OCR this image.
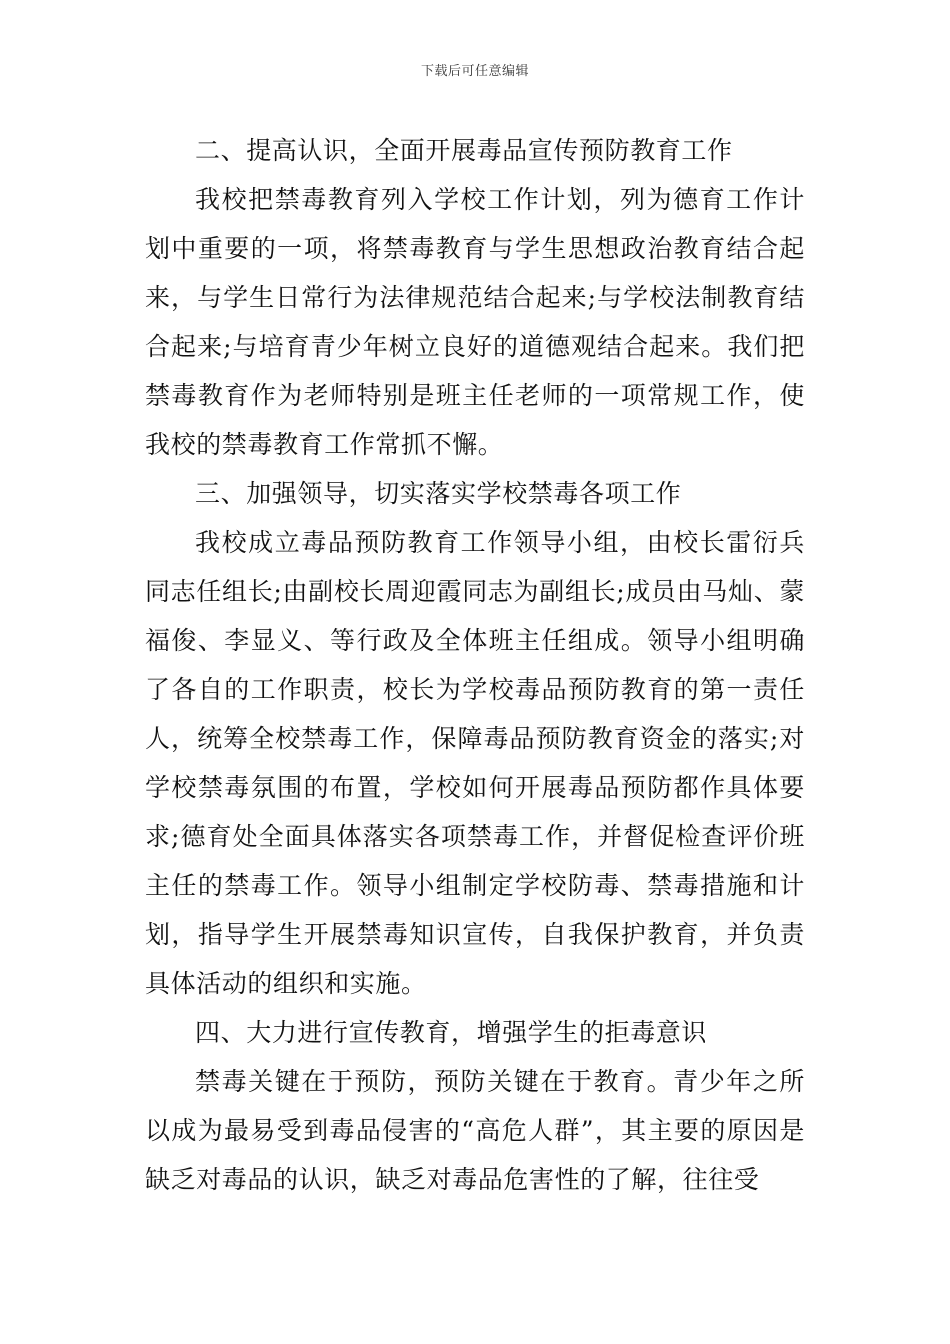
下载后可任意编辑

二、提高认识，全面开展毒品宣传预防教育工作

我校把禁毒教育列入学校工作计划，列为德育工作计划中重要的一项，将禁毒教育与学生思想政治教育结合起来，与学生日常行为法律规范结合起来;与学校法制教育结合起来;与培育青少年树立良好的道德观结合起来。我们把禁毒教育作为老师特别是班主任老师的一项常规工作，使我校的禁毒教育工作常抓不懈。

三、加强领导，切实落实学校禁毒各项工作

我校成立毒品预防教育工作领导小组，由校长雷衍兵同志任组长;由副校长周迎霞同志为副组长;成员由马灿、蒙福俊、李显义、等行政及全体班主任组成。领导小组明确了各自的工作职责，校长为学校毒品预防教育的第一责任人，统筹全校禁毒工作，保障毒品预防教育资金的落实;对学校禁毒氛围的布置，学校如何开展毒品预防都作具体要求;德育处全面具体落实各项禁毒工作，并督促检查评价班主任的禁毒工作。领导小组制定学校防毒、禁毒措施和计划，指导学生开展禁毒知识宣传，自我保护教育，并负责具体活动的组织和实施。

四、大力进行宣传教育，增强学生的拒毒意识

禁毒关键在于预防，预防关键在于教育。青少年之所以成为最易受到毒品侵害的“高危人群”，其主要的原因是缺乏对毒品的认识，缺乏对毒品危害性的了解，往往受
